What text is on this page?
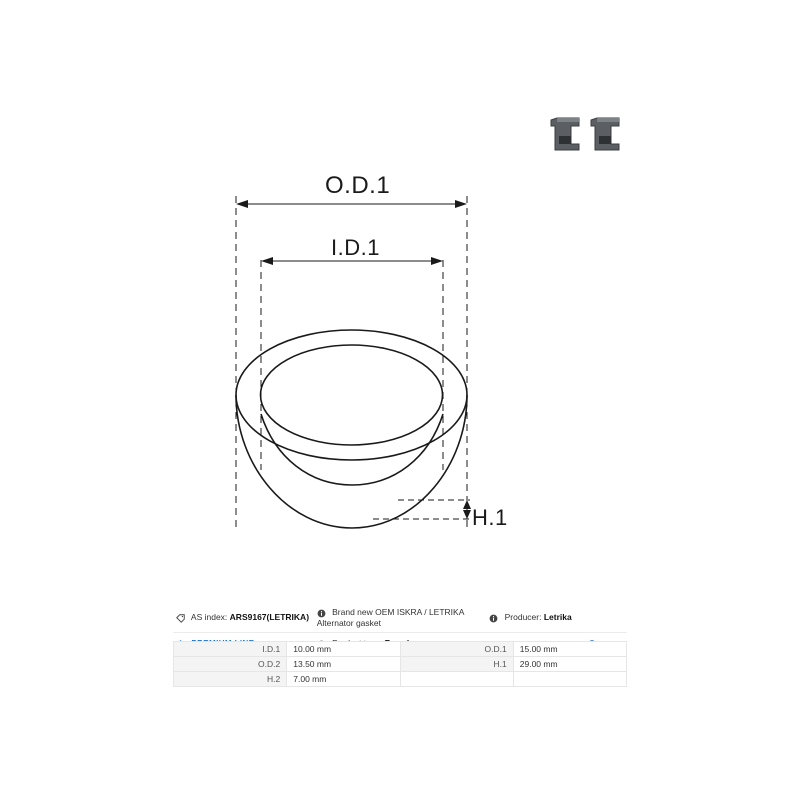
O.D.1
I.D.1
H.1
AS index: ARS9167(LETRIKA)	Brand new OEM ISKRA / LETRIKA Alternator gasket	Producer: Letrika

I.D.1	10.00 mm	O.D.1	15.00 mm
O.D.2	13.50 mm	H.1	29.00 mm
H.2	7.00 mm		
